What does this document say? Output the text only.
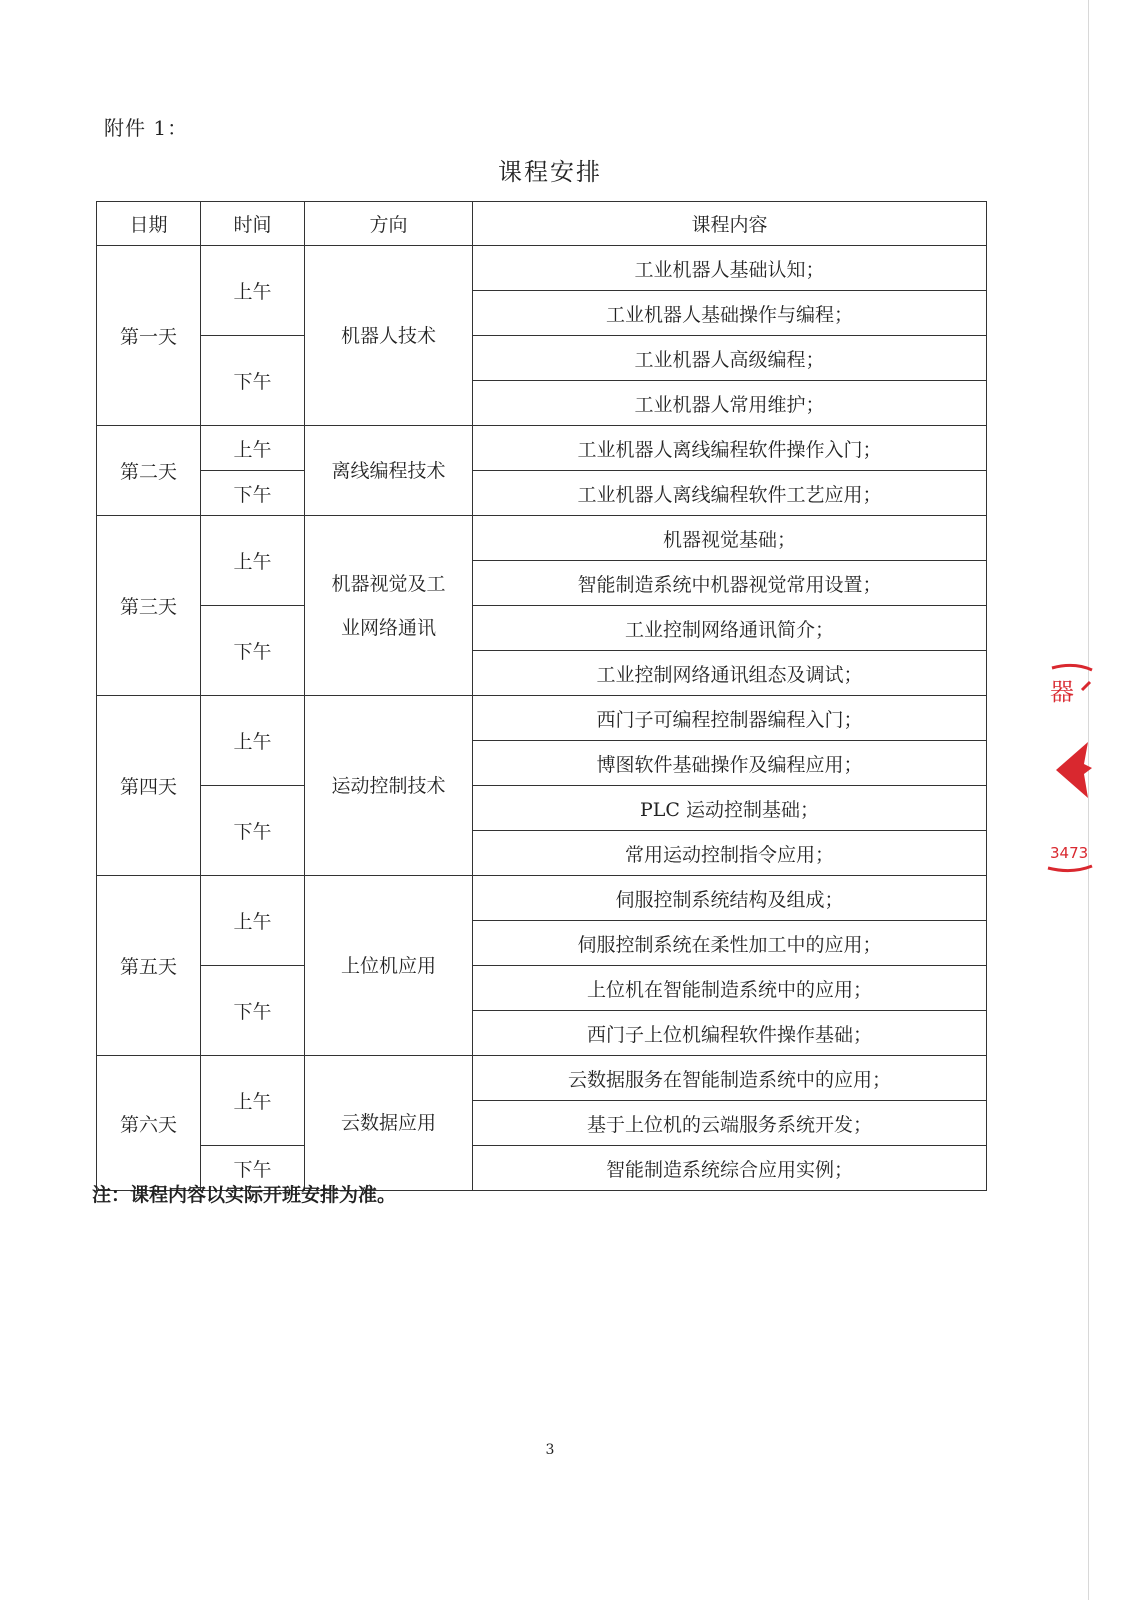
附件 1：
课程安排
日期	时间	方向	课程内容
第一天	上午	机器人技术	工业机器人基础认知；
			工业机器人基础操作与编程；
	下午		工业机器人高级编程；
			工业机器人常用维护；
第二天	上午	离线编程技术	工业机器人离线编程软件操作入门；
	下午		工业机器人离线编程软件工艺应用；
第三天	上午	机器视觉及工业网络通讯	机器视觉基础；
			智能制造系统中机器视觉常用设置；
	下午		工业控制网络通讯简介；
			工业控制网络通讯组态及调试；
第四天	上午	运动控制技术	西门子可编程控制器编程入门；
			博图软件基础操作及编程应用；
	下午		PLC 运动控制基础；
			常用运动控制指令应用；
第五天	上午	上位机应用	伺服控制系统结构及组成；
			伺服控制系统在柔性加工中的应用；
	下午		上位机在智能制造系统中的应用；
			西门子上位机编程软件操作基础；
第六天	上午	云数据应用	云数据服务在智能制造系统中的应用；
			基于上位机的云端服务系统开发；
	下午		智能制造系统综合应用实例；
注：课程内容以实际开班安排为准。
3
器
3473
